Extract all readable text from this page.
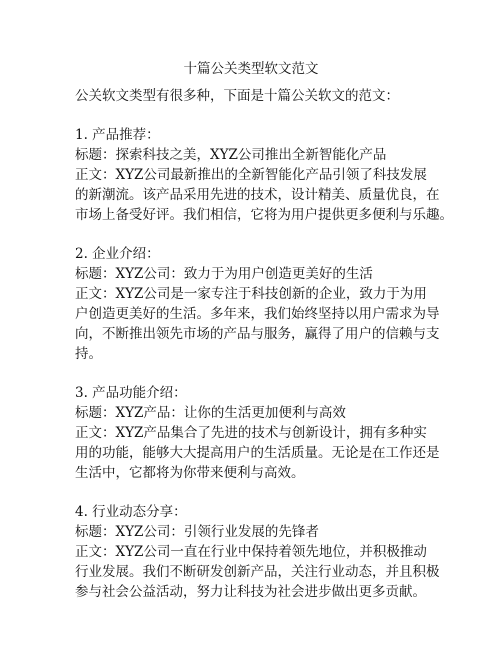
十篇公关类型软文范文
公关软文类型有很多种，下面是十篇公关软文的范文：
1. 产品推荐：
标题：探索科技之美，XYZ公司推出全新智能化产品
正文：XYZ公司最新推出的全新智能化产品引领了科技发展
的新潮流。该产品采用先进的技术，设计精美、质量优良，在
市场上备受好评。我们相信，它将为用户提供更多便利与乐趣。
2. 企业介绍：
标题：XYZ公司：致力于为用户创造更美好的生活
正文：XYZ公司是一家专注于科技创新的企业，致力于为用
户创造更美好的生活。多年来，我们始终坚持以用户需求为导
向，不断推出领先市场的产品与服务，赢得了用户的信赖与支
持。
3. 产品功能介绍：
标题：XYZ产品：让你的生活更加便利与高效
正文：XYZ产品集合了先进的技术与创新设计，拥有多种实
用的功能，能够大大提高用户的生活质量。无论是在工作还是
生活中，它都将为你带来便利与高效。
4. 行业动态分享：
标题：XYZ公司：引领行业发展的先锋者
正文：XYZ公司一直在行业中保持着领先地位，并积极推动
行业发展。我们不断研发创新产品，关注行业动态，并且积极
参与社会公益活动，努力让科技为社会进步做出更多贡献。
